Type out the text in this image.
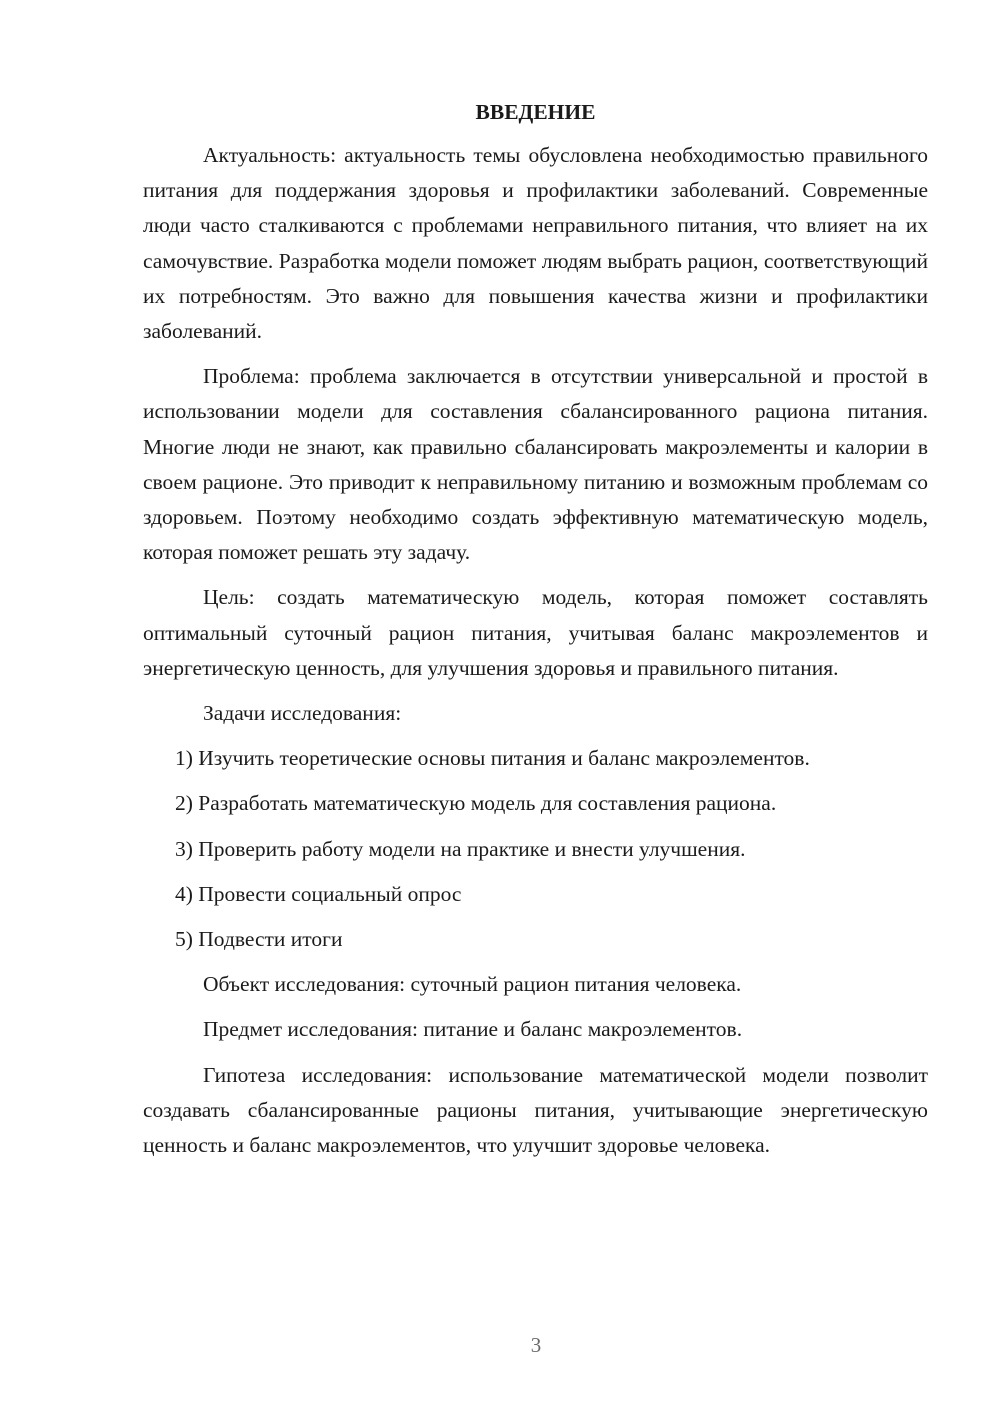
ВВЕДЕНИЕ

Актуальность: актуальность темы обусловлена необходимостью правильного питания для поддержания здоровья и профилактики заболеваний. Современные люди часто сталкиваются с проблемами неправильного питания, что влияет на их самочувствие. Разработка модели поможет людям выбрать рацион, соответствующий их потребностям. Это важно для повышения качества жизни и профилактики заболеваний.

Проблема: проблема заключается в отсутствии универсальной и простой в использовании модели для составления сбалансированного рациона питания. Многие люди не знают, как правильно сбалансировать макроэлементы и калории в своем рационе. Это приводит к неправильному питанию и возможным проблемам со здоровьем. Поэтому необходимо создать эффективную математическую модель, которая поможет решать эту задачу.

Цель: создать математическую модель, которая поможет составлять оптимальный суточный рацион питания, учитывая баланс макроэлементов и энергетическую ценность, для улучшения здоровья и правильного питания.

Задачи исследования:

1) Изучить теоретические основы питания и баланс макроэлементов.
2) Разработать математическую модель для составления рациона.
3) Проверить работу модели на практике и внести улучшения.
4) Провести социальный опрос
5) Подвести итоги

Объект исследования: суточный рацион питания человека.

Предмет исследования: питание и баланс макроэлементов.

Гипотеза исследования: использование математической модели позволит создавать сбалансированные рационы питания, учитывающие энергетическую ценность и баланс макроэлементов, что улучшит здоровье человека.

3
